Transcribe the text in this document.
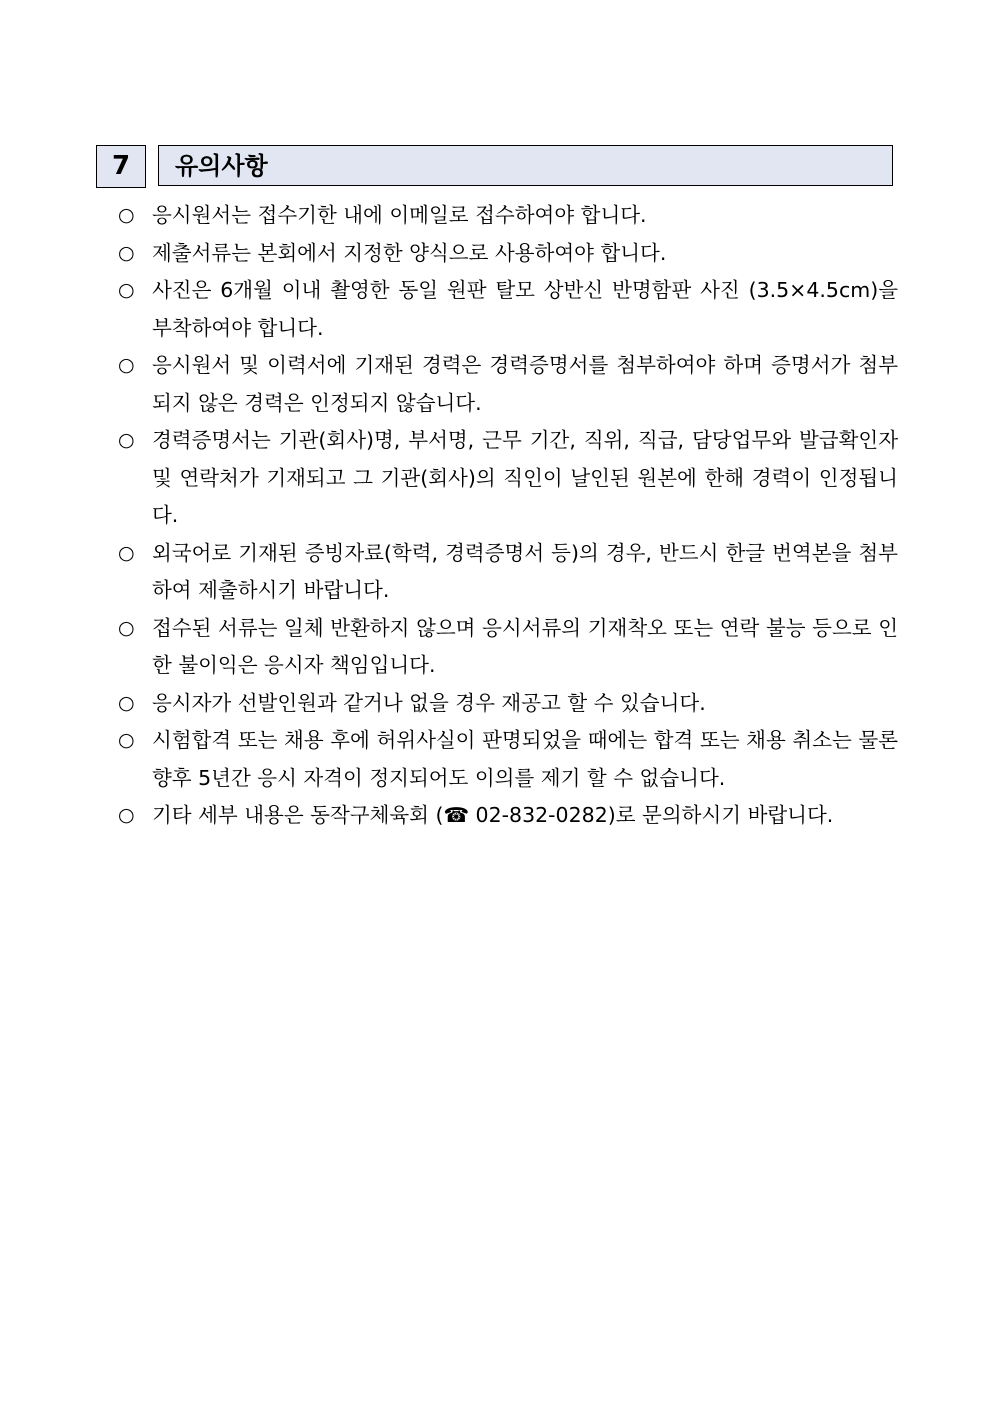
7	유의사항
○ 응시원서는 접수기한 내에 이메일로 접수하여야 합니다.
○ 제출서류는 본회에서 지정한 양식으로 사용하여야 합니다.
○ 사진은 6개월 이내 촬영한 동일 원판 탈모 상반신 반명함판 사진 (3.5×4.5cm)을 부착하여야 합니다.
○ 응시원서 및 이력서에 기재된 경력은 경력증명서를 첨부하여야 하며 증명서가 첨부되지 않은 경력은 인정되지 않습니다.
○ 경력증명서는 기관(회사)명, 부서명, 근무 기간, 직위, 직급, 담당업무와 발급확인자 및 연락처가 기재되고 그 기관(회사)의 직인이 날인된 원본에 한해 경력이 인정됩니다.
○ 외국어로 기재된 증빙자료(학력, 경력증명서 등)의 경우, 반드시 한글 번역본을 첨부하여 제출하시기 바랍니다.
○ 접수된 서류는 일체 반환하지 않으며 응시서류의 기재착오 또는 연락 불능 등으로 인한 불이익은 응시자 책임입니다.
○ 응시자가 선발인원과 같거나 없을 경우 재공고 할 수 있습니다.
○ 시험합격 또는 채용 후에 허위사실이 판명되었을 때에는 합격 또는 채용 취소는 물론 향후 5년간 응시 자격이 정지되어도 이의를 제기 할 수 없습니다.
○ 기타 세부 내용은 동작구체육회 (☎ 02-832-0282)로 문의하시기 바랍니다.
